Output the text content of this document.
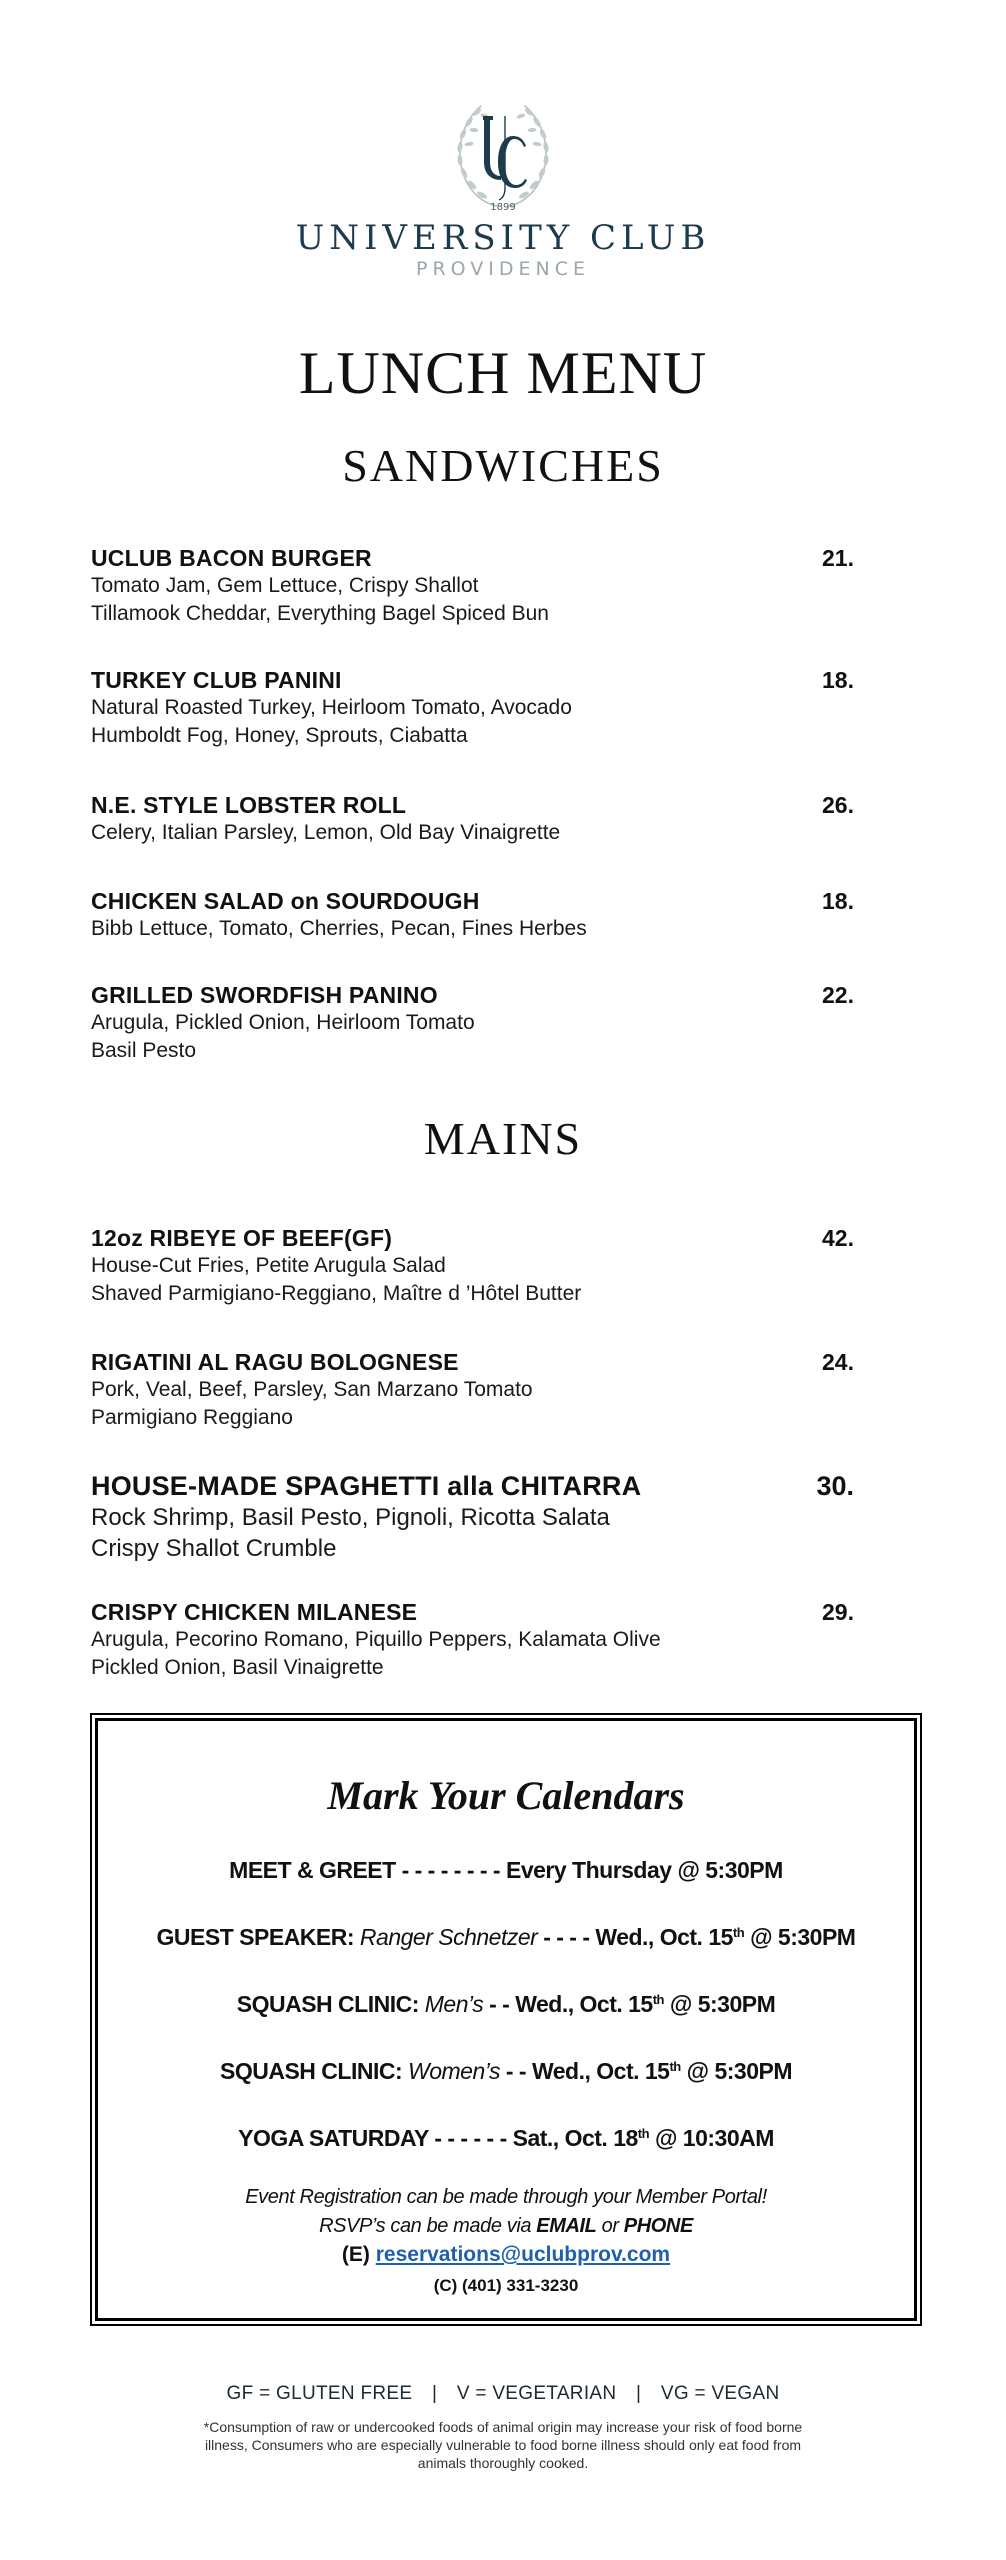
1899
UNIVERSITY CLUB
PROVIDENCE
LUNCH MENU
SANDWICHES
UCLUB BACON BURGER	21.
Tomato Jam, Gem Lettuce, Crispy Shallot
Tillamook Cheddar, Everything Bagel Spiced Bun
TURKEY CLUB PANINI	18.
Natural Roasted Turkey, Heirloom Tomato, Avocado
Humboldt Fog, Honey, Sprouts, Ciabatta
N.E. STYLE LOBSTER ROLL	26.
Celery, Italian Parsley, Lemon, Old Bay Vinaigrette
CHICKEN SALAD on SOURDOUGH	18.
Bibb Lettuce, Tomato, Cherries, Pecan, Fines Herbes
GRILLED SWORDFISH PANINO	22.
Arugula, Pickled Onion, Heirloom Tomato
Basil Pesto
MAINS
12oz RIBEYE OF BEEF(GF)	42.
House-Cut Fries, Petite Arugula Salad
Shaved Parmigiano-Reggiano, Maître d ’Hôtel Butter
RIGATINI AL RAGU BOLOGNESE	24.
Pork, Veal, Beef, Parsley, San Marzano Tomato
Parmigiano Reggiano
HOUSE-MADE SPAGHETTI alla CHITARRA	30.
Rock Shrimp, Basil Pesto, Pignoli, Ricotta Salata
Crispy Shallot Crumble
CRISPY CHICKEN MILANESE	29.
Arugula, Pecorino Romano, Piquillo Peppers, Kalamata Olive
Pickled Onion, Basil Vinaigrette
Mark Your Calendars
MEET & GREET - - - - - - - - Every Thursday @ 5:30PM
GUEST SPEAKER: Ranger Schnetzer - - - - Wed., Oct. 15th @ 5:30PM
SQUASH CLINIC: Men’s - - Wed., Oct. 15th @ 5:30PM
SQUASH CLINIC: Women’s - - Wed., Oct. 15th @ 5:30PM
YOGA SATURDAY - - - - - - Sat., Oct. 18th @ 10:30AM
Event Registration can be made through your Member Portal!
RSVP’s can be made via EMAIL or PHONE
(E) reservations@uclubprov.com
(C) (401) 331-3230
GF = GLUTEN FREE | V = VEGETARIAN | VG = VEGAN
*Consumption of raw or undercooked foods of animal origin may increase your risk of food borne illness, Consumers who are especially vulnerable to food borne illness should only eat food from animals thoroughly cooked.
